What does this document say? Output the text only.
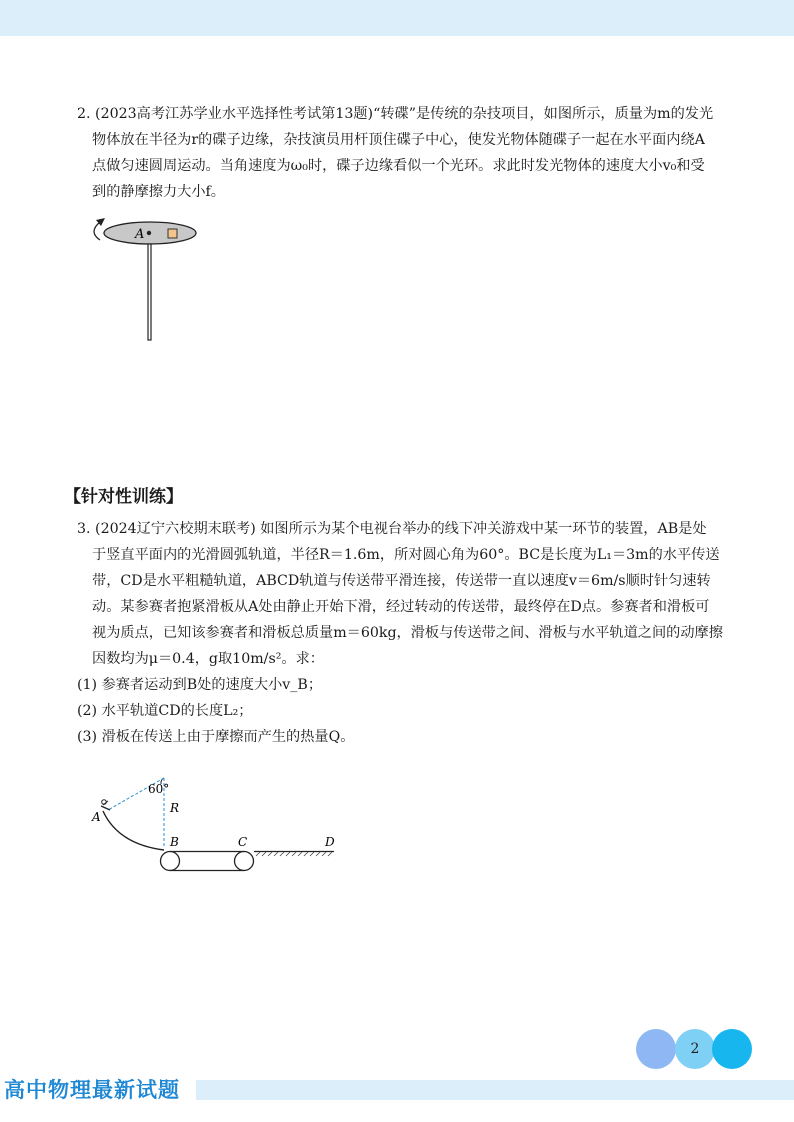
2. (2023高考江苏学业水平选择性考试第13题)“转碟”是传统的杂技项目，如图所示，质量为m的发光
物体放在半径为r的碟子边缘，杂技演员用杆顶住碟子中心，使发光物体随碟子一起在水平面内绕A
点做匀速圆周运动。当角速度为ω₀时，碟子边缘看似一个光环。求此时发光物体的速度大小v₀和受
到的静摩擦力大小f。
A
【针对性训练】
3. (2024辽宁六校期末联考) 如图所示为某个电视台举办的线下冲关游戏中某一环节的装置，AB是处
于竖直平面内的光滑圆弧轨道，半径R＝1.6m，所对圆心角为60°。BC是长度为L₁＝3m的水平传送
带，CD是水平粗糙轨道，ABCD轨道与传送带平滑连接，传送带一直以速度v＝6m/s顺时针匀速转
动。某参赛者抱紧滑板从A处由静止开始下滑，经过转动的传送带，最终停在D点。参赛者和滑板可
视为质点，已知该参赛者和滑板总质量m＝60kg，滑板与传送带之间、滑板与水平轨道之间的动摩擦
因数均为μ＝0.4，g取10m/s²。求：
(1) 参赛者运动到B处的速度大小v_B；
(2) 水平轨道CD的长度L₂；
(3) 滑板在传送上由于摩擦而产生的热量Q。
60°
R
A
B	C	D
2
高中物理最新试题
